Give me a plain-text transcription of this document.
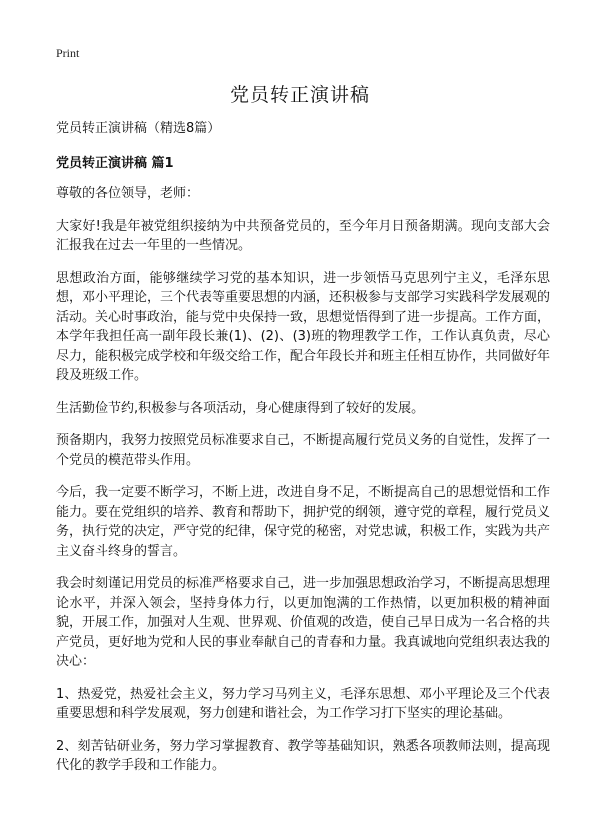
Print
党员转正演讲稿

党员转正演讲稿（精选8篇）

党员转正演讲稿 篇1

尊敬的各位领导，老师：

大家好!我是年被党组织接纳为中共预备党员的，至今年月日预备期满。现向支部大会汇报我在过去一年里的一些情况。

思想政治方面，能够继续学习党的基本知识，进一步领悟马克思列宁主义，毛泽东思想，邓小平理论，三个代表等重要思想的内涵，还积极参与支部学习实践科学发展观的活动。关心时事政治，能与党中央保持一致，思想觉悟得到了进一步提高。工作方面，本学年我担任高一副年段长兼(1)、(2)、(3)班的物理教学工作，工作认真负责，尽心尽力，能积极完成学校和年级交给工作，配合年段长并和班主任相互协作，共同做好年段及班级工作。

生活勤俭节约,积极参与各项活动，身心健康得到了较好的发展。

预备期内，我努力按照党员标准要求自己，不断提高履行党员义务的自觉性，发挥了一个党员的模范带头作用。

今后，我一定要不断学习，不断上进，改进自身不足，不断提高自己的思想觉悟和工作能力。要在党组织的培养、教育和帮助下，拥护党的纲领，遵守党的章程，履行党员义务，执行党的决定，严守党的纪律，保守党的秘密，对党忠诚，积极工作，实践为共产主义奋斗终身的誓言。

我会时刻谨记用党员的标准严格要求自己，进一步加强思想政治学习，不断提高思想理论水平，并深入领会，坚持身体力行，以更加饱满的工作热情，以更加积极的精神面貌，开展工作，加强对人生观、世界观、价值观的改造，使自己早日成为一名合格的共产党员，更好地为党和人民的事业奉献自己的青春和力量。我真诚地向党组织表达我的决心：

1、热爱党，热爱社会主义，努力学习马列主义，毛泽东思想、邓小平理论及三个代表重要思想和科学发展观，努力创建和谐社会，为工作学习打下坚实的理论基础。

2、刻苦钻研业务，努力学习掌握教育、教学等基础知识，熟悉各项教师法则，提高现代化的教学手段和工作能力。
